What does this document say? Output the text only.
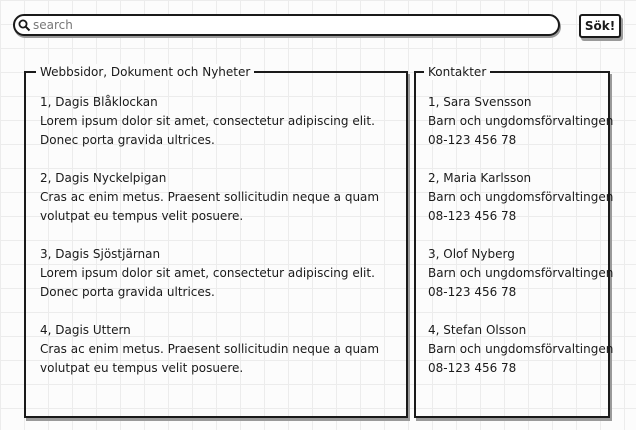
search
Sök!
Webbsidor, Dokument och Nyheter
1, Dagis Blåklockan
Lorem ipsum dolor sit amet, consectetur adipiscing elit.
Donec porta gravida ultrices.
2, Dagis Nyckelpigan
Cras ac enim metus. Praesent sollicitudin neque a quam
volutpat eu tempus velit posuere.
3, Dagis Sjöstjärnan
Lorem ipsum dolor sit amet, consectetur adipiscing elit.
Donec porta gravida ultrices.
4, Dagis Uttern
Cras ac enim metus. Praesent sollicitudin neque a quam
volutpat eu tempus velit posuere.
Kontakter
1, Sara Svensson
Barn och ungdomsförvaltingen
08-123 456 78
2, Maria Karlsson
Barn och ungdomsförvaltingen
08-123 456 78
3, Olof Nyberg
Barn och ungdomsförvaltingen
08-123 456 78
4, Stefan Olsson
Barn och ungdomsförvaltingen
08-123 456 78
